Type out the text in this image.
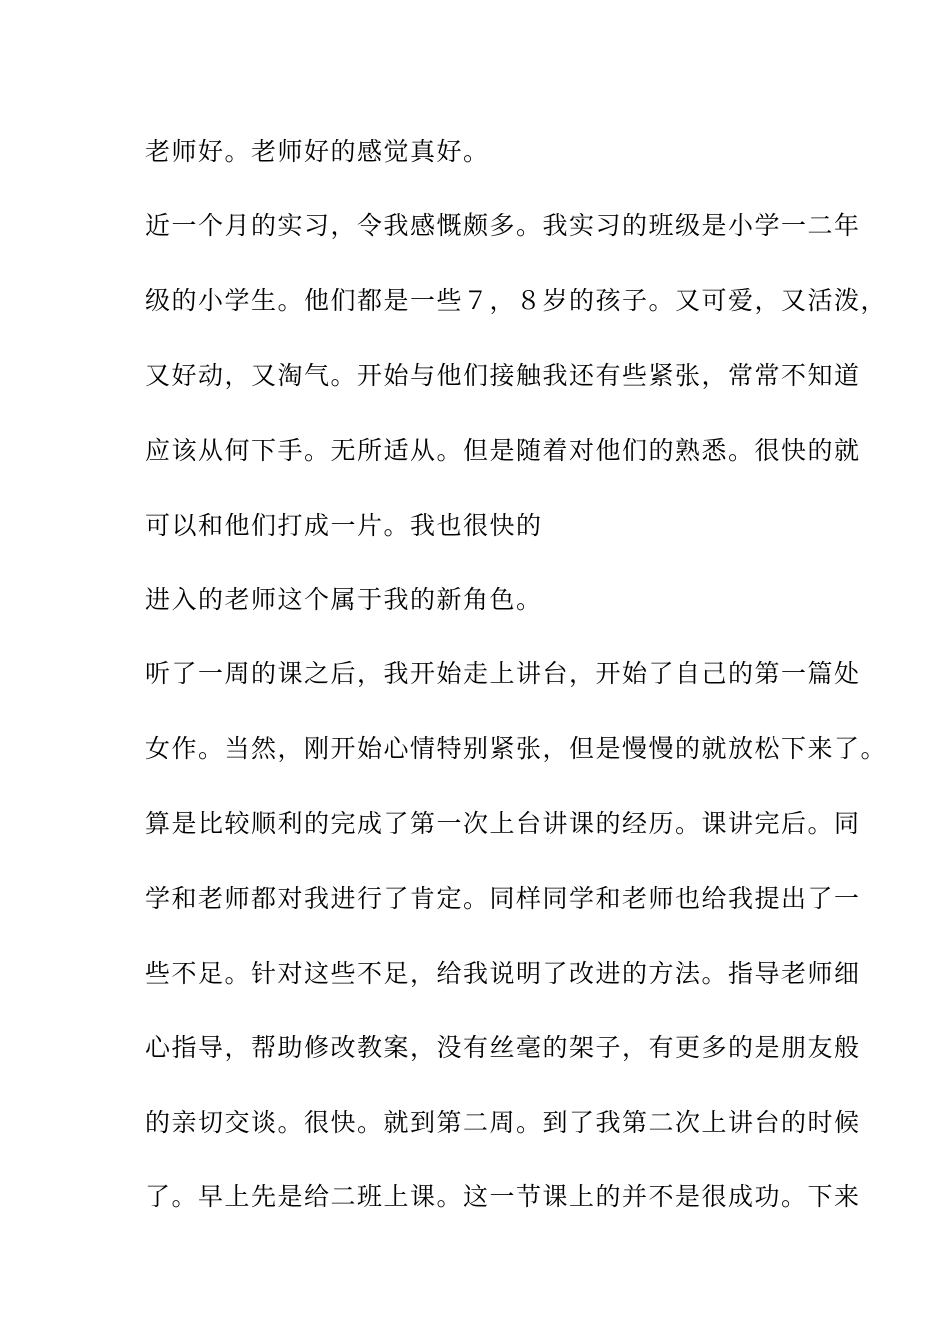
老师好。老师好的感觉真好。
近一个月的实习，令我感慨颇多。我实习的班级是小学一二年
级的小学生。他们都是一些７，８岁的孩子。又可爱，又活泼，
又好动，又淘气。开始与他们接触我还有些紧张，常常不知道
应该从何下手。无所适从。但是随着对他们的熟悉。很快的就
可以和他们打成一片。我也很快的
进入的老师这个属于我的新角色。
听了一周的课之后，我开始走上讲台，开始了自己的第一篇处
女作。当然，刚开始心情特别紧张，但是慢慢的就放松下来了。
算是比较顺利的完成了第一次上台讲课的经历。课讲完后。同
学和老师都对我进行了肯定。同样同学和老师也给我提出了一
些不足。针对这些不足，给我说明了改进的方法。指导老师细
心指导，帮助修改教案，没有丝毫的架子，有更多的是朋友般
的亲切交谈。很快。就到第二周。到了我第二次上讲台的时候
了。早上先是给二班上课。这一节课上的并不是很成功。下来
